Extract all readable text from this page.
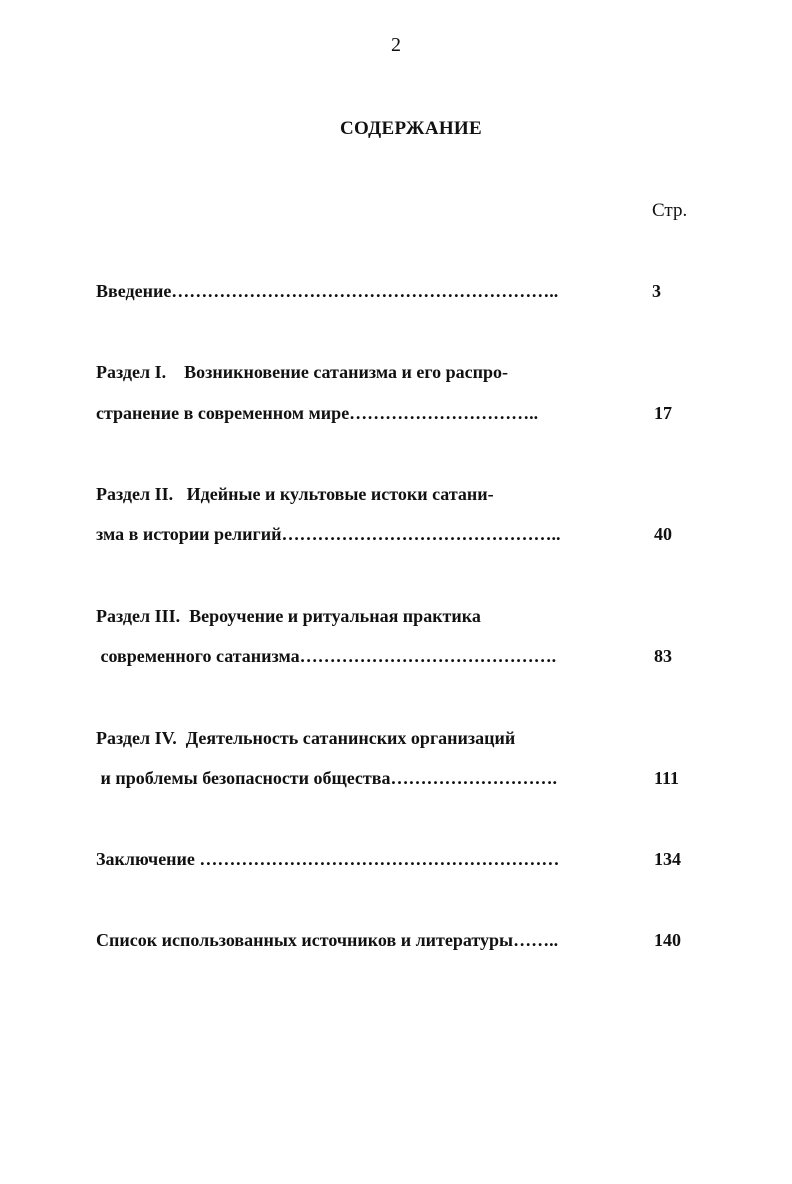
2
СОДЕРЖАНИЕ
Стр.
Введение………………………………………………………..	3
Раздел I.    Возникновение сатанизма и его распро-
странение в современном мире…………………………..	17
Раздел II.   Идейные и культовые истоки сатани-
зма в истории религий………………………………………..	40
Раздел III.  Вероучение и ритуальная практика
современного сатанизма…………………………………….	83
Раздел IV.  Деятельность сатанинских организаций
и проблемы безопасности общества……………………….	111
Заключение ……………………………………………………	134
Список использованных источников и литературы……..	140
